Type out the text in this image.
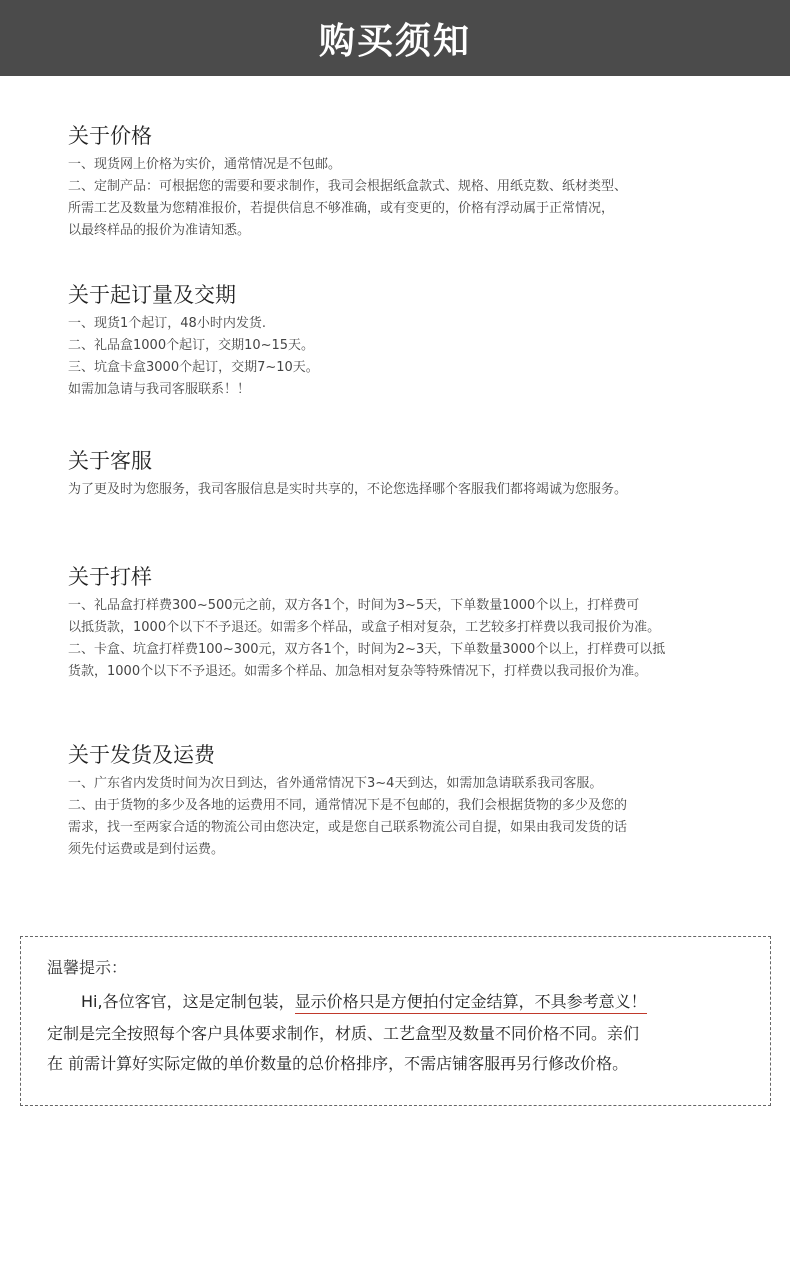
购买须知
关于价格
一、现货网上价格为实价，通常情况是不包邮。
二、定制产品：可根据您的需要和要求制作，我司会根据纸盒款式、规格、用纸克数、纸材类型、
所需工艺及数量为您精准报价，若提供信息不够准确，或有变更的，价格有浮动属于正常情况，
以最终样品的报价为准请知悉。
关于起订量及交期
一、现货1个起订，48小时内发货.
二、礼品盒1000个起订，交期10~15天。
三、坑盒卡盒3000个起订，交期7~10天。
如需加急请与我司客服联系！！
关于客服
为了更及时为您服务，我司客服信息是实时共享的，不论您选择哪个客服我们都将竭诚为您服务。
关于打样
一、礼品盒打样费300~500元之前，双方各1个，时间为3~5天，下单数量1000个以上，打样费可
以抵货款，1000个以下不予退还。如需多个样品，或盒子相对复杂，工艺较多打样费以我司报价为准。
二、卡盒、坑盒打样费100~300元，双方各1个，时间为2~3天，下单数量3000个以上，打样费可以抵
货款，1000个以下不予退还。如需多个样品、加急相对复杂等特殊情况下，打样费以我司报价为准。
关于发货及运费
一、广东省内发货时间为次日到达，省外通常情况下3~4天到达，如需加急请联系我司客服。
二、由于货物的多少及各地的运费用不同，通常情况下是不包邮的，我们会根据货物的多少及您的
需求，找一至两家合适的物流公司由您决定，或是您自己联系物流公司自提，如果由我司发货的话
须先付运费或是到付运费。
温馨提示：
Hi,各位客官，这是定制包装，显示价格只是方便拍付定金结算，不具参考意义！
定制是完全按照每个客户具体要求制作，材质、工艺盒型及数量不同价格不同。亲们
在 前需计算好实际定做的单价数量的总价格排序，不需店铺客服再另行修改价格。
